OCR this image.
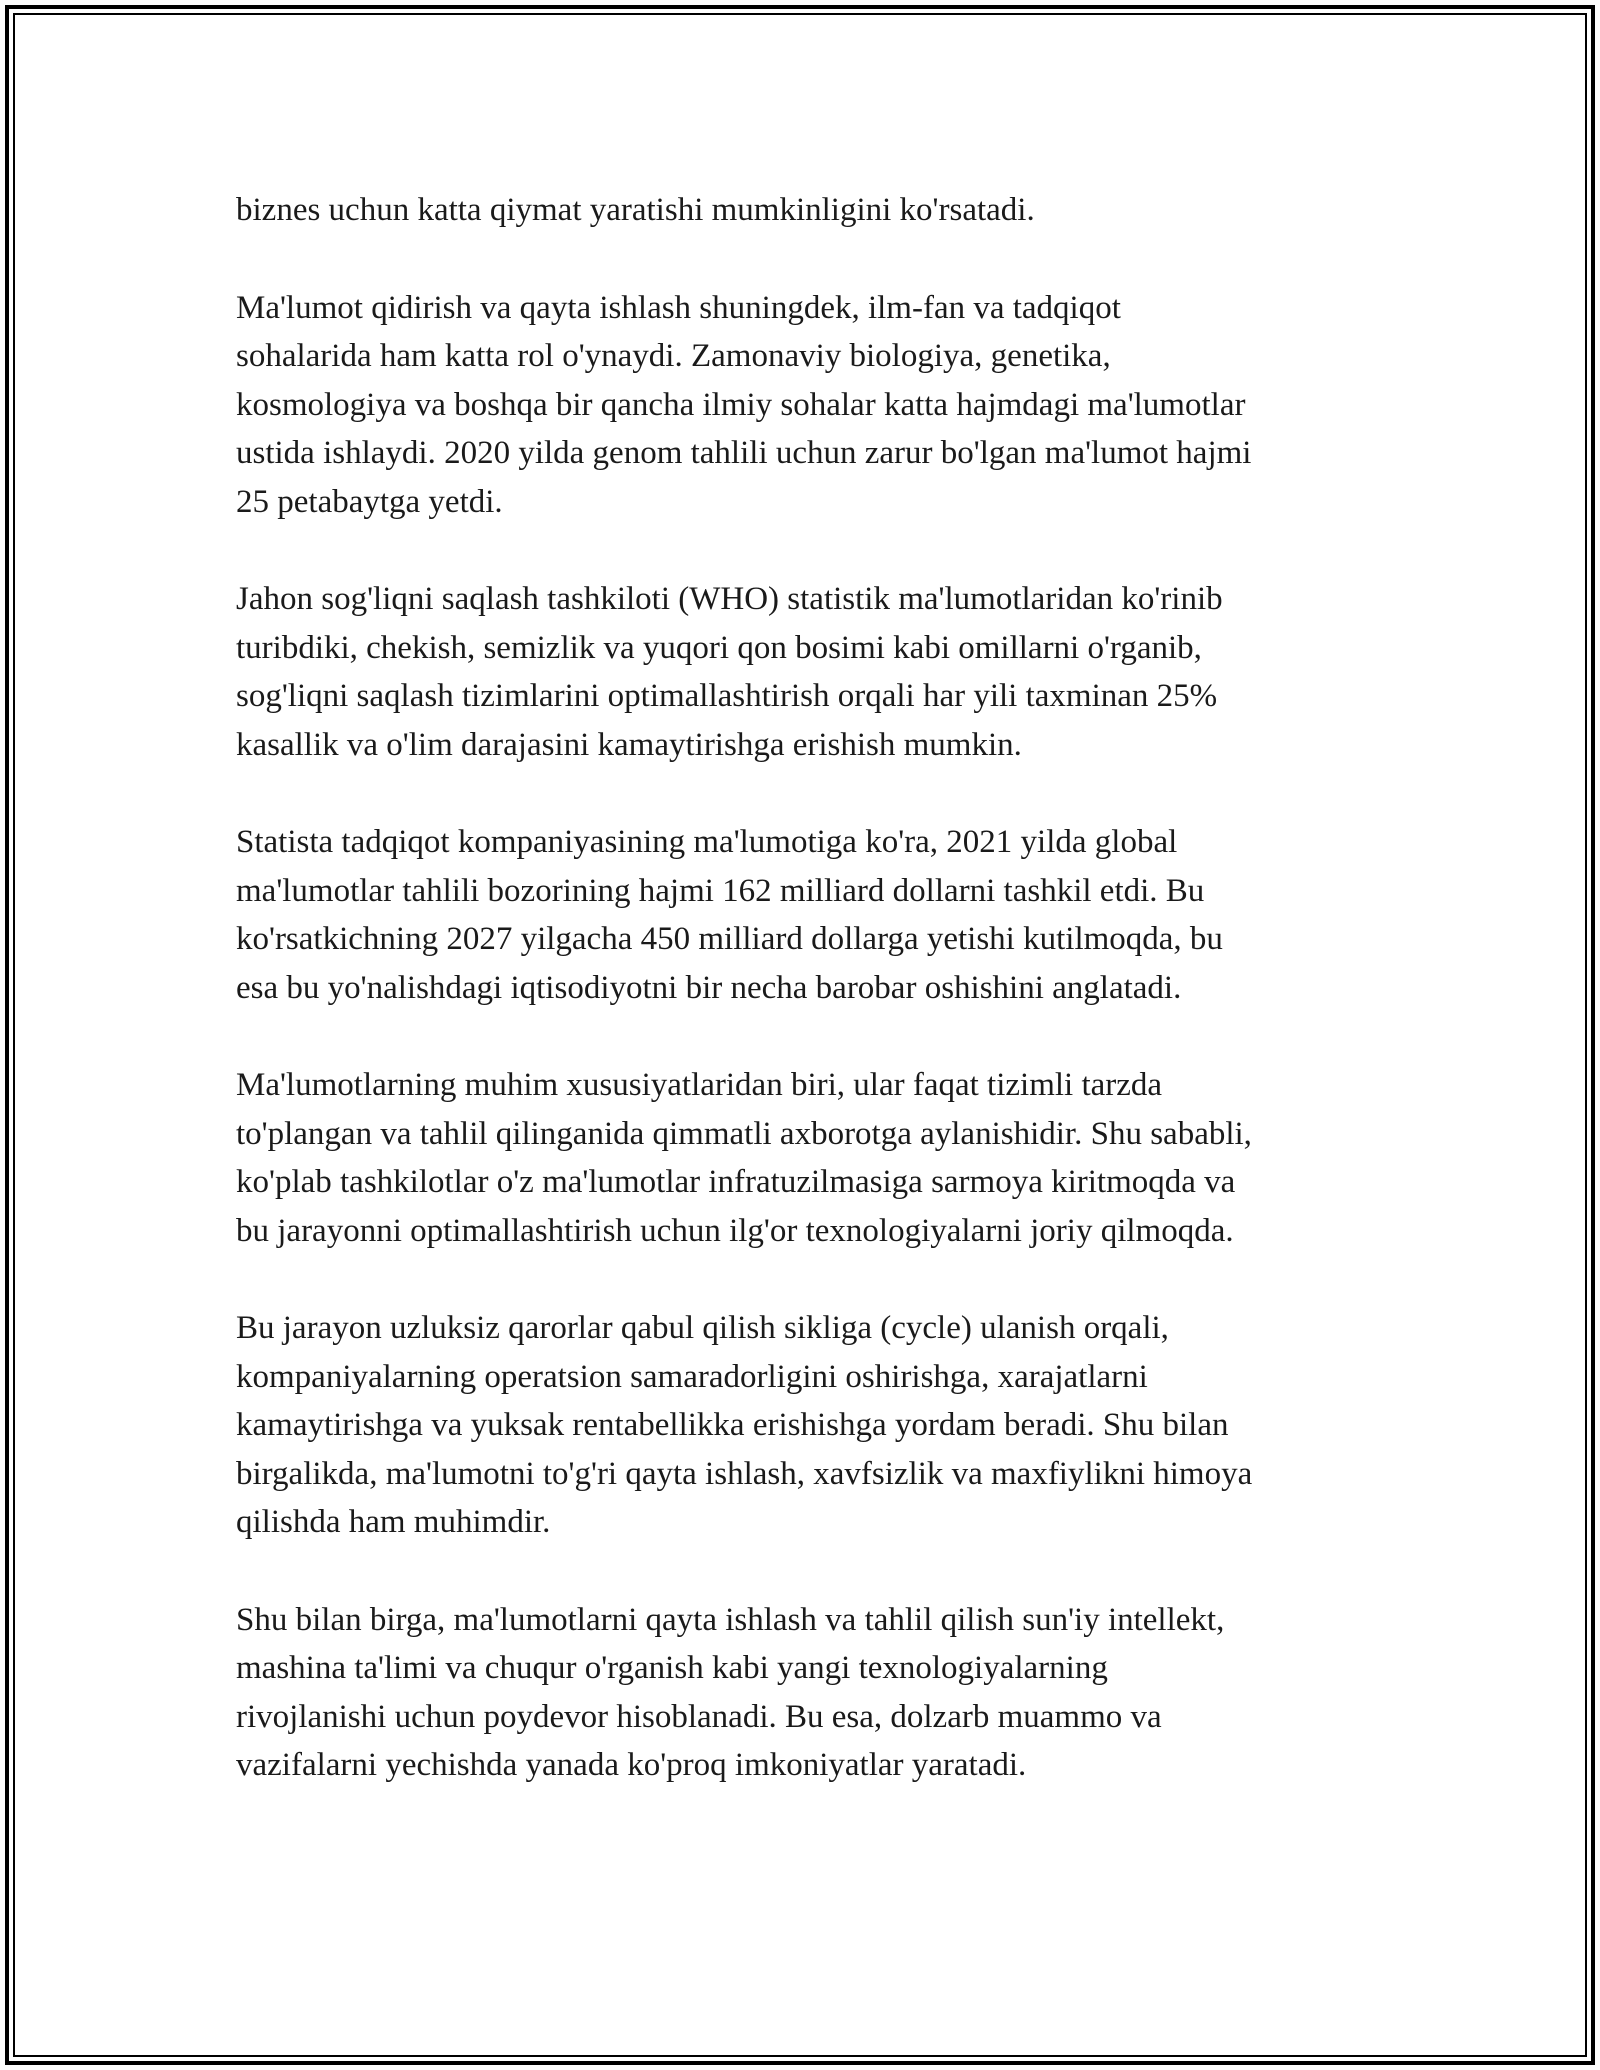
biznes uchun katta qiymat yaratishi mumkinligini ko'rsatadi.

Ma'lumot qidirish va qayta ishlash shuningdek, ilm-fan va tadqiqot
sohalarida ham katta rol o'ynaydi. Zamonaviy biologiya, genetika,
kosmologiya va boshqa bir qancha ilmiy sohalar katta hajmdagi ma'lumotlar
ustida ishlaydi. 2020 yilda genom tahlili uchun zarur bo'lgan ma'lumot hajmi
25 petabaytga yetdi.

Jahon sog'liqni saqlash tashkiloti (WHO) statistik ma'lumotlaridan ko'rinib
turibdiki, chekish, semizlik va yuqori qon bosimi kabi omillarni o'rganib,
sog'liqni saqlash tizimlarini optimallashtirish orqali har yili taxminan 25%
kasallik va o'lim darajasini kamaytirishga erishish mumkin.

Statista tadqiqot kompaniyasining ma'lumotiga ko'ra, 2021 yilda global
ma'lumotlar tahlili bozorining hajmi 162 milliard dollarni tashkil etdi. Bu
ko'rsatkichning 2027 yilgacha 450 milliard dollarga yetishi kutilmoqda, bu
esa bu yo'nalishdagi iqtisodiyotni bir necha barobar oshishini anglatadi.

Ma'lumotlarning muhim xususiyatlaridan biri, ular faqat tizimli tarzda
to'plangan va tahlil qilinganida qimmatli axborotga aylanishidir. Shu sababli,
ko'plab tashkilotlar o'z ma'lumotlar infratuzilmasiga sarmoya kiritmoqda va
bu jarayonni optimallashtirish uchun ilg'or texnologiyalarni joriy qilmoqda.

Bu jarayon uzluksiz qarorlar qabul qilish sikliga (cycle) ulanish orqali,
kompaniyalarning operatsion samaradorligini oshirishga, xarajatlarni
kamaytirishga va yuksak rentabellikka erishishga yordam beradi. Shu bilan
birgalikda, ma'lumotni to'g'ri qayta ishlash, xavfsizlik va maxfiylikni himoya
qilishda ham muhimdir.

Shu bilan birga, ma'lumotlarni qayta ishlash va tahlil qilish sun'iy intellekt,
mashina ta'limi va chuqur o'rganish kabi yangi texnologiyalarning
rivojlanishi uchun poydevor hisoblanadi. Bu esa, dolzarb muammo va
vazifalarni yechishda yanada ko'proq imkoniyatlar yaratadi.
